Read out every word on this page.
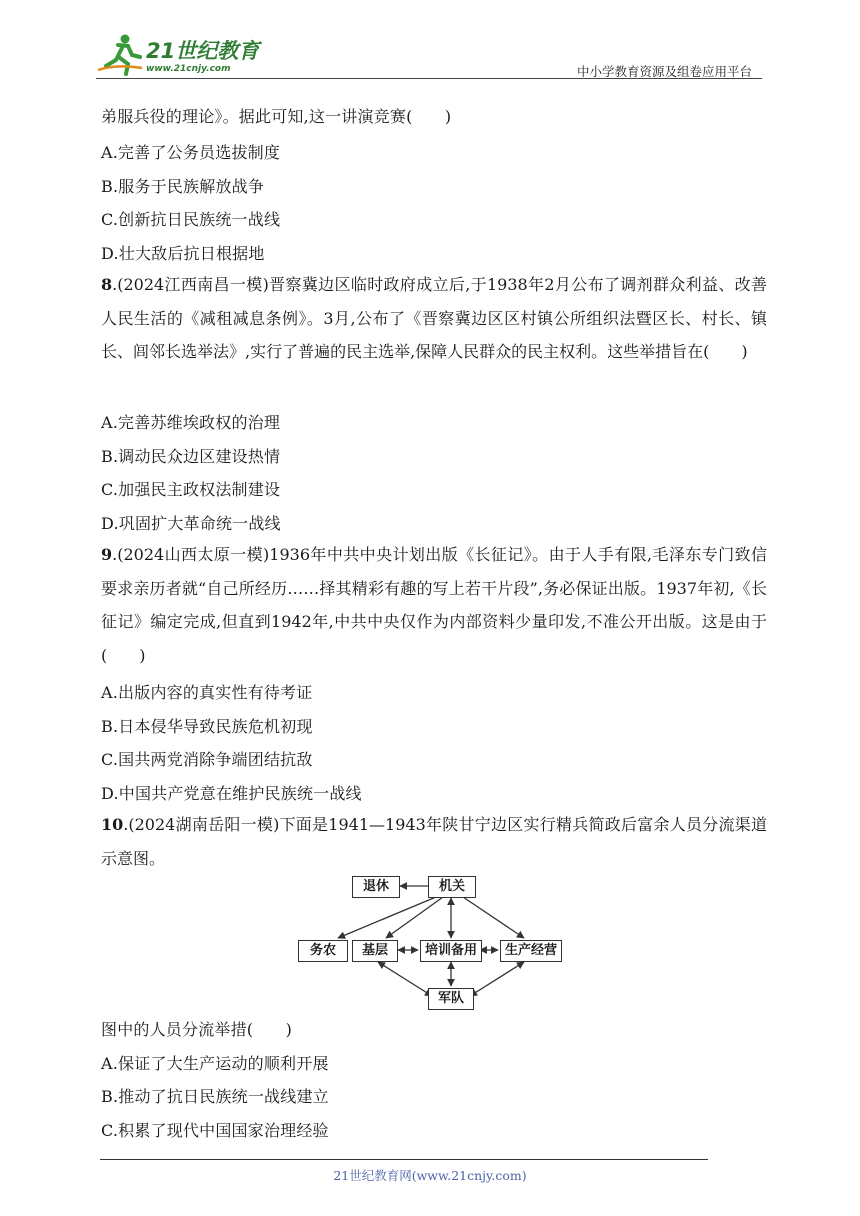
21世纪教育
www.21cnjy.com	中小学教育资源及组卷应用平台
弟服兵役的理论》。据此可知,这一讲演竞赛(　　)
A.完善了公务员选拔制度
B.服务于民族解放战争
C.创新抗日民族统一战线
D.壮大敌后抗日根据地
8.(2024江西南昌一模)晋察冀边区临时政府成立后,于1938年2月公布了调剂群众利益、改善人民生活的《减租减息条例》。3月,公布了《晋察冀边区区村镇公所组织法暨区长、村长、镇长、闾邻长选举法》,实行了普遍的民主选举,保障人民群众的民主权利。这些举措旨在(　　)
A.完善苏维埃政权的治理
B.调动民众边区建设热情
C.加强民主政权法制建设
D.巩固扩大革命统一战线
9.(2024山西太原一模)1936年中共中央计划出版《长征记》。由于人手有限,毛泽东专门致信要求亲历者就“自己所经历……择其精彩有趣的写上若干片段”,务必保证出版。1937年初,《长征记》编定完成,但直到1942年,中共中央仅作为内部资料少量印发,不准公开出版。这是由于(　　)
A.出版内容的真实性有待考证
B.日本侵华导致民族危机初现
C.国共两党消除争端团结抗敌
D.中国共产党意在维护民族统一战线
10.(2024湖南岳阳一模)下面是1941—1943年陕甘宁边区实行精兵简政后富余人员分流渠道示意图。
图中的人员分流举措(　　)
A.保证了大生产运动的顺利开展
B.推动了抗日民族统一战线建立
C.积累了现代中国国家治理经验
退休	机关
务农	基层	培训备用	生产经营
军队
21世纪教育网(www.21cnjy.com)
